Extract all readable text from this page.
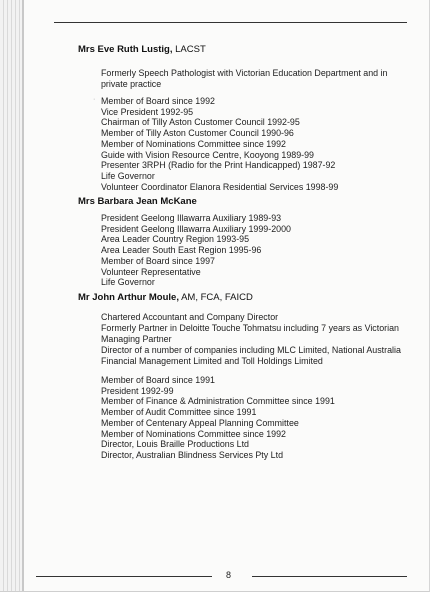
Mrs Eve Ruth Lustig, LACST
Formerly Speech Pathologist with Victorian Education Department and in private practice
· Member of Board since 1992
Vice President 1992-95
Chairman of Tilly Aston Customer Council 1992-95
Member of Tilly Aston Customer Council 1990-96
Member of Nominations Committee since 1992
Guide with Vision Resource Centre, Kooyong 1989-99
Presenter 3RPH (Radio for the Print Handicapped) 1987-92
Life Governor
Volunteer Coordinator Elanora Residential Services 1998-99
Mrs Barbara Jean McKane
President Geelong Illawarra Auxiliary 1989-93
President Geelong Illawarra Auxiliary 1999-2000
Area Leader Country Region 1993-95
Area Leader South East Region 1995-96
Member of Board since 1997
Volunteer Representative
Life Governor
Mr John Arthur Moule, AM, FCA, FAICD
Chartered Accountant and Company Director
Formerly Partner in Deloitte Touche Tohmatsu including 7 years as Victorian Managing Partner
Director of a number of companies including MLC Limited, National Australia Financial Management Limited and Toll Holdings Limited
Member of Board since 1991
President 1992-99
Member of Finance & Administration Committee since 1991
Member of Audit Committee since 1991
Member of Centenary Appeal Planning Committee
Member of Nominations Committee since 1992
Director, Louis Braille Productions Ltd
Director, Australian Blindness Services Pty Ltd
8
